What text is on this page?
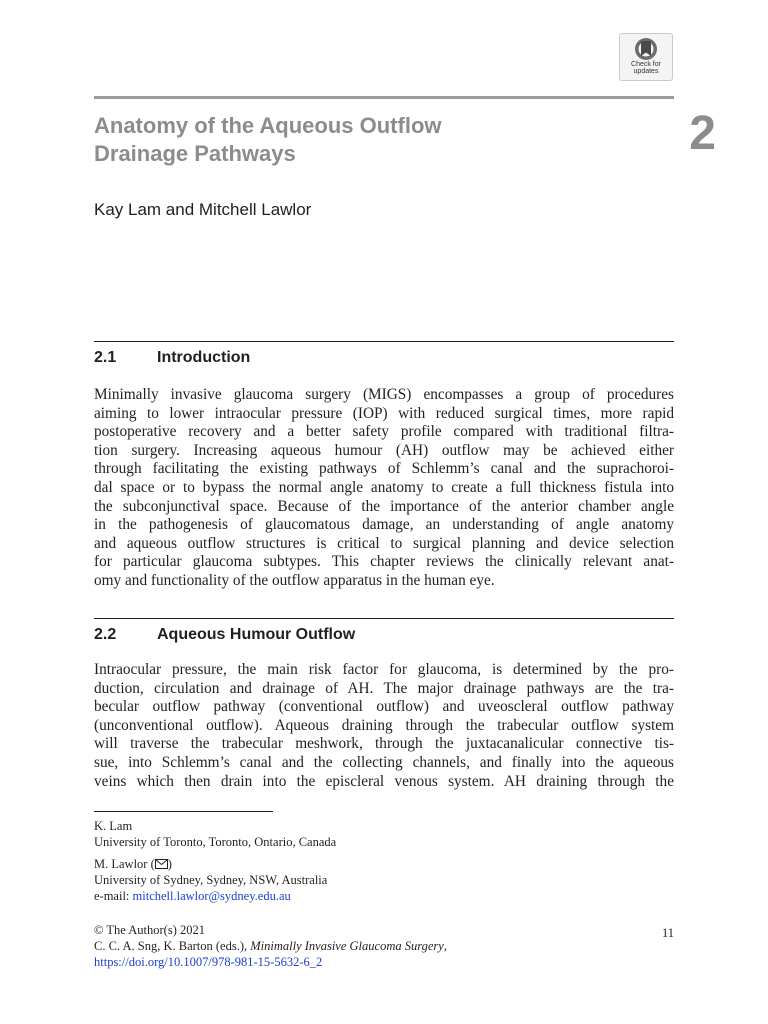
Check for
updates
Anatomy of the Aqueous Outflow
Drainage Pathways	2
Kay Lam and Mitchell Lawlor
2.1	Introduction

Minimally invasive glaucoma surgery (MIGS) encompasses a group of procedures
aiming to lower intraocular pressure (IOP) with reduced surgical times, more rapid
postoperative recovery and a better safety profile compared with traditional filtra-
tion surgery. Increasing aqueous humour (AH) outflow may be achieved either
through facilitating the existing pathways of Schlemm’s canal and the suprachoroi-
dal space or to bypass the normal angle anatomy to create a full thickness fistula into
the subconjunctival space. Because of the importance of the anterior chamber angle
in the pathogenesis of glaucomatous damage, an understanding of angle anatomy
and aqueous outflow structures is critical to surgical planning and device selection
for particular glaucoma subtypes. This chapter reviews the clinically relevant anat-
omy and functionality of the outflow apparatus in the human eye.

2.2	Aqueous Humour Outflow

Intraocular pressure, the main risk factor for glaucoma, is determined by the pro-
duction, circulation and drainage of AH. The major drainage pathways are the tra-
becular outflow pathway (conventional outflow) and uveoscleral outflow pathway
(unconventional outflow). Aqueous draining through the trabecular outflow system
will traverse the trabecular meshwork, through the juxtacanalicular connective tis-
sue, into Schlemm’s canal and the collecting channels, and finally into the aqueous
veins which then drain into the episcleral venous system. AH draining through the

K. Lam
University of Toronto, Toronto, Ontario, Canada
M. Lawlor ( )
University of Sydney, Sydney, NSW, Australia
e-mail: mitchell.lawlor@sydney.edu.au
© The Author(s) 2021
C. C. A. Sng, K. Barton (eds.), Minimally Invasive Glaucoma Surgery,
https://doi.org/10.1007/978-981-15-5632-6_2
11
